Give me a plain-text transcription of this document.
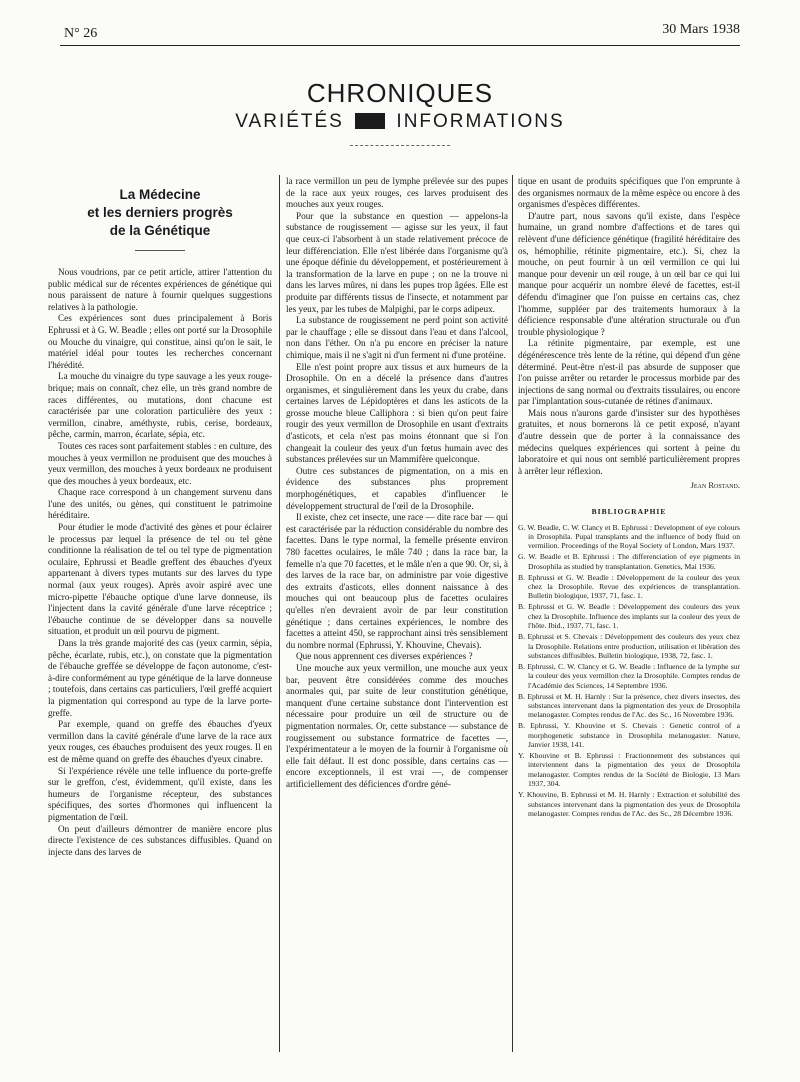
N° 26	30 Mars 1938
CHRONIQUES
VARIÉTÉS	INFORMATIONS
La Médecine
et les derniers progrès
de la Génétique

Nous voudrions, par ce petit article, attirer l'attention du public médical sur de récentes expériences de génétique qui nous paraissent de nature à fournir quelques suggestions relatives à la pathologie.

Ces expériences sont dues principalement à Boris Ephrussi et à G. W. Beadle ; elles ont porté sur la Drosophile ou Mouche du vinaigre, qui constitue, ainsi qu'on le sait, le matériel idéal pour toutes les recherches concernant l'hérédité.

La mouche du vinaigre du type sauvage a les yeux rouge-brique; mais on connaît, chez elle, un très grand nombre de races différentes, ou mutations, dont chacune est caractérisée par une coloration particulière des yeux : vermillon, cinabre, améthyste, rubis, cerise, bordeaux, pêche, carmin, marron, écarlate, sépia, etc.

Toutes ces races sont parfaitement stables : en culture, des mouches à yeux vermillon ne produisent que des mouches à yeux vermillon, des mouches à yeux bordeaux ne produisent que des mouches à yeux bordeaux, etc.

Chaque race correspond à un changement survenu dans l'une des unités, ou gènes, qui constituent le patrimoine héréditaire.

Pour étudier le mode d'activité des gènes et pour éclairer le processus par lequel la présence de tel ou tel gène conditionne la réalisation de tel ou tel type de pigmentation oculaire, Ephrussi et Beadle greffent des ébauches d'yeux appartenant à divers types mutants sur des larves du type normal (aux yeux rouges). Après avoir aspiré avec une micro-pipette l'ébauche optique d'une larve donneuse, ils l'injectent dans la cavité générale d'une larve réceptrice ; l'ébauche continue de se développer dans sa nouvelle situation, et produit un œil pourvu de pigment.

Dans la très grande majorité des cas (yeux carmin, sépia, pêche, écarlate, rubis, etc.), on constate que la pigmentation de l'ébauche greffée se développe de façon autonome, c'est-à-dire conformément au type génétique de la larve donneuse ; toutefois, dans certains cas particuliers, l'œil greffé acquiert la pigmentation qui correspond au type de la larve porte-greffe.

Par exemple, quand on greffe des ébauches d'yeux vermillon dans la cavité générale d'une larve de la race aux yeux rouges, ces ébauches produisent des yeux rouges. Il en est de même quand on greffe des ébauches d'yeux cinabre.

Si l'expérience révèle une telle influence du porte-greffe sur le greffon, c'est, évidemment, qu'il existe, dans les humeurs de l'organisme récepteur, des substances spécifiques, des sortes d'hormones qui influencent la pigmentation de l'œil.

On peut d'ailleurs démontrer de manière encore plus directe l'existence de ces substances diffusibles. Quand on injecte dans des larves de

la race vermillon un peu de lymphe prélevée sur des pupes de la race aux yeux rouges, ces larves produisent des mouches aux yeux rouges.

Pour que la substance en question — appelons-la substance de rougissement — agisse sur les yeux, il faut que ceux-ci l'absorbent à un stade relativement précoce de leur différenciation. Elle n'est libérée dans l'organisme qu'à une époque définie du développement, et postérieurement à la transformation de la larve en pupe ; on ne la trouve ni dans les larves mûres, ni dans les pupes trop âgées. Elle est produite par différents tissus de l'insecte, et notamment par les yeux, par les tubes de Malpighi, par le corps adipeux.

La substance de rougissement ne perd point son activité par le chauffage ; elle se dissout dans l'eau et dans l'alcool, non dans l'éther. On n'a pu encore en préciser la nature chimique, mais il ne s'agit ni d'un ferment ni d'une protéine.

Elle n'est point propre aux tissus et aux humeurs de la Drosophile. On en a décelé la présence dans d'autres organismes, et singulièrement dans les yeux du crabe, dans certaines larves de Lépidoptères et dans les asticots de la grosse mouche bleue Calliphora : si bien qu'on peut faire rougir des yeux vermillon de Drosophile en usant d'extraits d'asticots, et cela n'est pas moins étonnant que si l'on changeait la couleur des yeux d'un fœtus humain avec des substances prélevées sur un Mammifère quelconque.

Outre ces substances de pigmentation, on a mis en évidence des substances plus proprement morphogénétiques, et capables d'influencer le développement structural de l'œil de la Drosophile.

Il existe, chez cet insecte, une race — dite race bar — qui est caractérisée par la réduction considérable du nombre des facettes. Dans le type normal, la femelle présente environ 780 facettes oculaires, le mâle 740 ; dans la race bar, la femelle n'a que 70 facettes, et le mâle n'en a que 90. Or, si, à des larves de la race bar, on administre par voie digestive des extraits d'asticots, elles donnent naissance à des mouches qui ont beaucoup plus de facettes oculaires qu'elles n'en devraient avoir de par leur constitution génétique ; dans certaines expériences, le nombre des facettes a atteint 450, se rapprochant ainsi très sensiblement du nombre normal (Ephrussi, Y. Khouvine, Chevais).

Que nous apprennent ces diverses expériences ?

Une mouche aux yeux vermillon, une mouche aux yeux bar, peuvent être considérées comme des mouches anormales qui, par suite de leur constitution génétique, manquent d'une certaine substance dont l'intervention est nécessaire pour produire un œil de structure ou de pigmentation normales. Or, cette substance — substance de rougissement ou substance formatrice de facettes —, l'expérimentateur a le moyen de la fournir à l'organisme où elle fait défaut. Il est donc possible, dans certains cas — encore exceptionnels, il est vrai —, de compenser artificiellement des déficiences d'ordre géné-

tique en usant de produits spécifiques que l'on emprunte à des organismes normaux de la même espèce ou encore à des organismes d'espèces différentes.

D'autre part, nous savons qu'il existe, dans l'espèce humaine, un grand nombre d'affections et de tares qui relèvent d'une déficience génétique (fragilité héréditaire des os, hémophilie, rétinite pigmentaire, etc.). Si, chez la mouche, on peut fournir à un œil vermillon ce qui lui manque pour devenir un œil rouge, à un œil bar ce qui lui manque pour acquérir un nombre élevé de facettes, est-il défendu d'imaginer que l'on puisse en certains cas, chez l'homme, suppléer par des traitements humoraux à la déficience responsable d'une altération structurale ou d'un trouble physiologique ?

La rétinite pigmentaire, par exemple, est une dégénérescence très lente de la rétine, qui dépend d'un gène déterminé. Peut-être n'est-il pas absurde de supposer que l'on puisse arrêter ou retarder le processus morbide par des injections de sang normal ou d'extraits tissulaires, ou encore par l'implantation sous-cutanée de rétines d'animaux.

Mais nous n'aurons garde d'insister sur des hypothèses gratuites, et nous bornerons là ce petit exposé, n'ayant d'autre dessein que de porter à la connaissance des médecins quelques expériences qui sortent à peine du laboratoire et qui nous ont semblé particulièrement propres à arrêter leur réflexion.

Jean Rostand.
BIBLIOGRAPHIE
G. W. Beadle, C. W. Clancy et B. Ephrussi : Development of eye colours in Drosophila. Pupal transplants and the influence of body fluid on vermilion. Proceedings of the Royal Society of London, Mars 1937.
G. W. Beadle et B. Ephrussi : The differenciation of eye pigments in Drosophila as studied by transplantation. Genetics, Mai 1936.
B. Ephrussi et G. W. Beadle : Développement de la couleur des yeux chez la Drosophile. Revue des expériences de transplantation. Bulletin biologique, 1937, 71, fasc. 1.
B. Ephrussi et G. W. Beadle : Développement des couleurs des yeux chez la Drosophile. Influence des implants sur la couleur des yeux de l'hôte. Ibid., 1937, 71, fasc. 1.
B. Ephrussi et S. Chevais : Développement des couleurs des yeux chez la Drosophile. Relations entre production, utilisation et libération des substances diffusibles. Bulletin biologique, 1938, 72, fasc. 1.
B. Ephrussi, C. W. Clancy et G. W. Beadle : Influence de la lymphe sur la couleur des yeux vermillon chez la Drosophile. Comptes rendus de l'Académie des Sciences, 14 Septembre 1936.
B. Ephrussi et M. H. Harnly : Sur la présence, chez divers insectes, des substances intervenant dans la pigmentation des yeux de Drosophila melanogaster. Comptes rendus de l'Ac. des Sc., 16 Novembre 1936.
B. Ephrussi, Y. Khouvine et S. Chevais : Genetic control of a morphogenetic substance in Drosophila melanogaster. Nature, Janvier 1938, 141.
Y. Khouvine et B. Ephrussi : Fractionnement des substances qui interviennent dans la pigmentation des yeux de Drosophila melanogaster. Comptes rendus de la Société de Biologie, 13 Mars 1937, 304.
Y. Khouvine, B. Ephrussi et M. H. Harnly : Extraction et solubilité des substances intervenant dans la pigmentation des yeux de Drosophila melanogaster. Comptes rendus de l'Ac. des Sc., 28 Décembre 1936.
